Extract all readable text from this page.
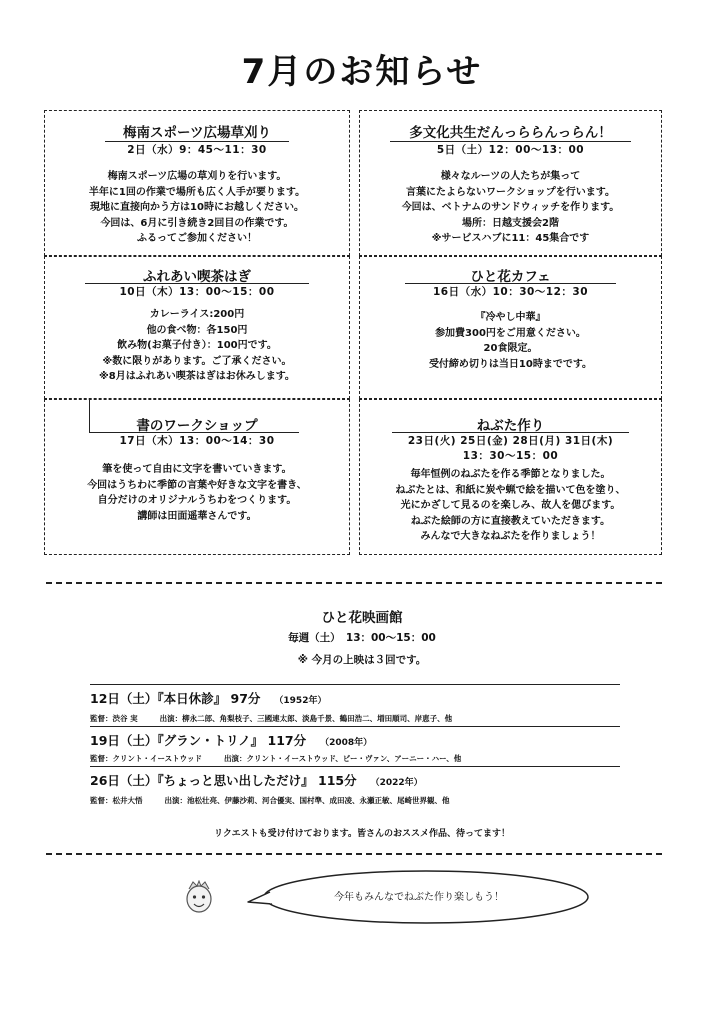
7月のお知らせ
梅南スポーツ広場草刈り
2日（水）9：45〜11：30
梅南スポーツ広場の草刈りを行います。
半年に1回の作業で場所も広く人手が要ります。
現地に直接向かう方は10時にお越しください。
今回は、6月に引き続き2回目の作業です。
ふるってご参加ください！
多文化共生だんっららんっらん！
5日（土）12：00〜13：00
様々なルーツの人たちが集って
言葉にたよらないワークショップを行います。
今回は、ベトナムのサンドウィッチを作ります。
場所：日越支援会2階
※サービスハブに11：45集合です
ふれあい喫茶はぎ
10日（木）13：00〜15：00
カレーライス:200円
他の食べ物：各150円
飲み物(お菓子付き）：100円です。
※数に限りがあります。ご了承ください。
※8月はふれあい喫茶はぎはお休みします。
ひと花カフェ
16日（水）10：30〜12：30
『冷やし中華』
参加費300円をご用意ください。
20食限定。
受付締め切りは当日10時までです。
書のワークショップ
17日（木）13：00〜14：30
筆を使って自由に文字を書いていきます。
今回はうちわに季節の言葉や好きな文字を書き、
自分だけのオリジナルうちわをつくります。
講師は田面遥華さんです。
ねぶた作り
23日(火) 25日(金) 28日(月) 31日(木)
13：30〜15：00
毎年恒例のねぶたを作る季節となりました。
ねぶたとは、和紙に炭や蝋で絵を描いて色を塗り、
光にかざして見るのを楽しみ、故人を偲びます。
ねぶた絵師の方に直接教えていただきます。
みんなで大きなねぶたを作りましょう！
ひと花映画館
毎週（土）　13：00〜15：00
※ 今月の上映は３回です。
12日（土）『本日休診』 97分 （1952年）
監督：渋谷 実	出演：柳永二郎、角梨枝子、三國連太郎、淡島千景、鶴田浩二、増田順司、岸恵子、他
19日（土）『グラン・トリノ』 117分 （2008年）
監督：クリント・イーストウッド	出演：クリント・イーストウッド、ビー・ヴァン、アーニー・ハー、他
26日（土）『ちょっと思い出しただけ』 115分 （2022年）
監督：松井大悟	出演：池松壮亮、伊藤沙莉、河合優実、国村準、成田凌、永瀬正敏、尾崎世界観、他
リクエストも受け付けております。皆さんのおススメ作品、待ってます！
今年もみんなでねぶた作り楽しもう！
